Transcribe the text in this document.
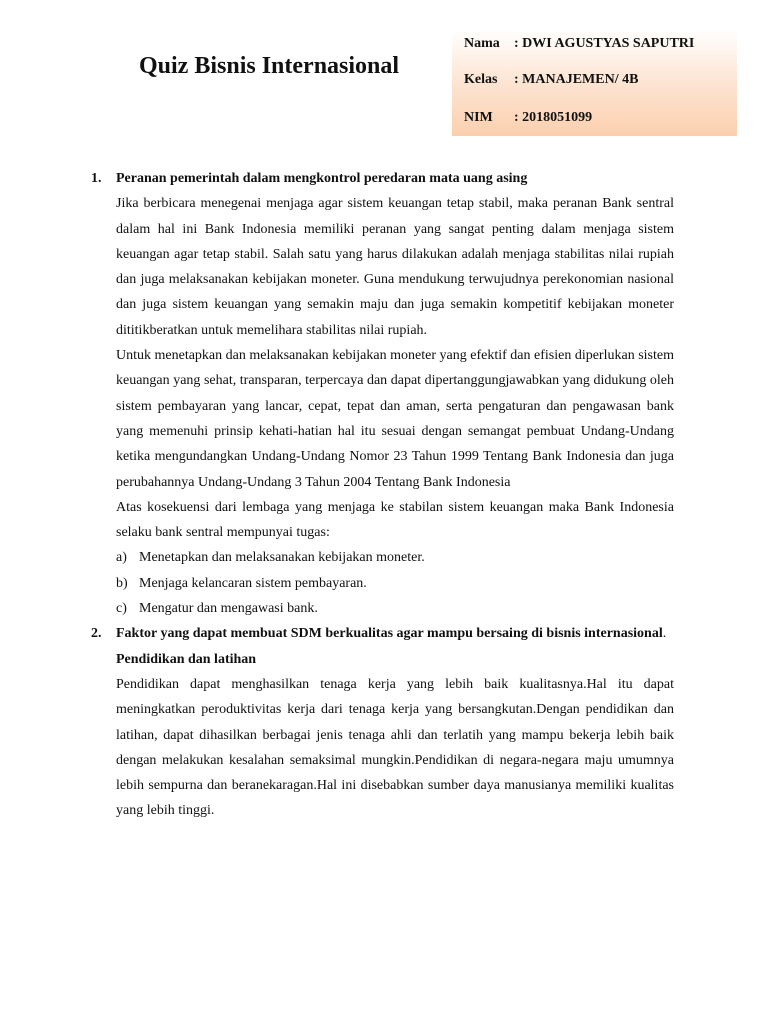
Quiz Bisnis Internasional
Nama : DWI AGUSTYAS SAPUTRI
Kelas : MANAJEMEN/ 4B
NIM : 2018051099
1. Peranan pemerintah dalam mengkontrol peredaran mata uang asing

Jika berbicara menegenai menjaga agar sistem keuangan tetap stabil, maka peranan Bank sentral dalam hal ini Bank Indonesia memiliki peranan yang sangat penting dalam menjaga sistem keuangan agar tetap stabil. Salah satu yang harus dilakukan adalah menjaga stabilitas nilai rupiah dan juga melaksanakan kebijakan moneter. Guna mendukung terwujudnya perekonomian nasional dan juga sistem keuangan yang semakin maju dan juga semakin kompetitif kebijakan moneter dititikberatkan untuk memelihara stabilitas nilai rupiah.

Untuk menetapkan dan melaksanakan kebijakan moneter yang efektif dan efisien diperlukan sistem keuangan yang sehat, transparan, terpercaya dan dapat dipertanggungjawabkan yang didukung oleh sistem pembayaran yang lancar, cepat, tepat dan aman, serta pengaturan dan pengawasan bank yang memenuhi prinsip kehati-hatian hal itu sesuai dengan semangat pembuat Undang-Undang ketika mengundangkan Undang-Undang Nomor 23 Tahun 1999 Tentang Bank Indonesia dan juga perubahannya Undang-Undang 3 Tahun 2004 Tentang Bank Indonesia

Atas kosekuensi dari lembaga yang menjaga ke stabilan sistem keuangan maka Bank Indonesia selaku bank sentral mempunyai tugas:

a) Menetapkan dan melaksanakan kebijakan moneter.
b) Menjaga kelancaran sistem pembayaran.
c) Mengatur dan mengawasi bank.
2. Faktor yang dapat membuat SDM berkualitas agar mampu bersaing di bisnis internasional.

Pendidikan dan latihan

Pendidikan dapat menghasilkan tenaga kerja yang lebih baik kualitasnya.Hal itu dapat meningkatkan peroduktivitas kerja dari tenaga kerja yang bersangkutan.Dengan pendidikan dan latihan, dapat dihasilkan berbagai jenis tenaga ahli dan terlatih yang mampu bekerja lebih baik dengan melakukan kesalahan semaksimal mungkin.Pendidikan di negara-negara maju umumnya lebih sempurna dan beranekaragan.Hal ini disebabkan sumber daya manusianya memiliki kualitas yang lebih tinggi.
